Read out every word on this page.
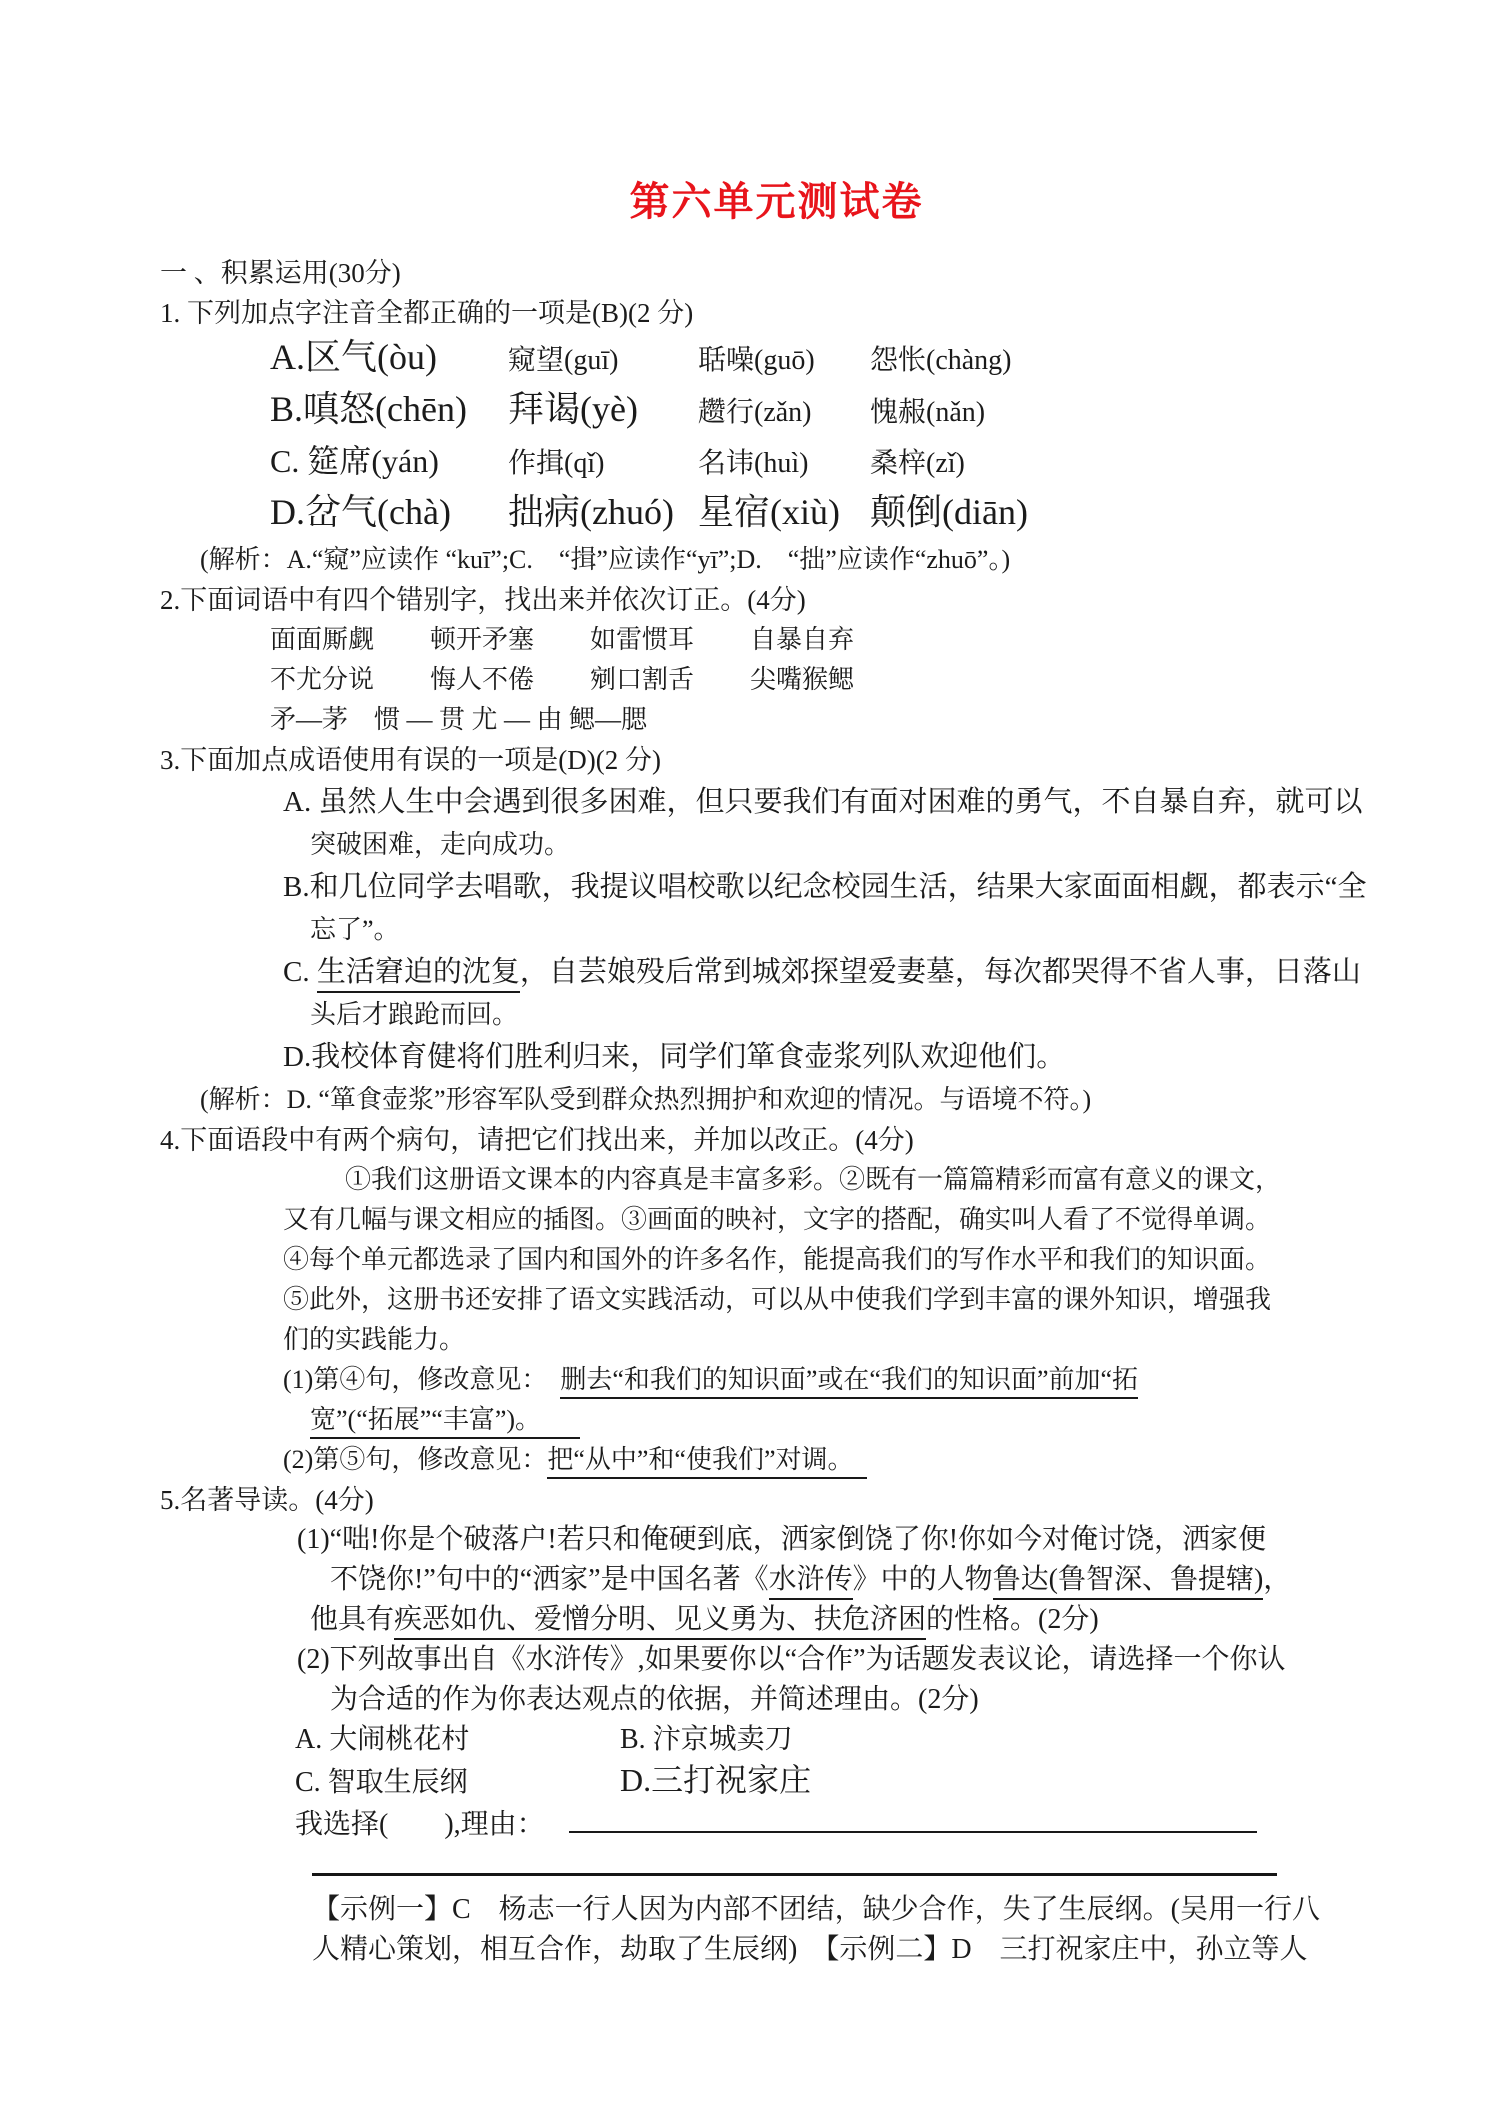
第六单元测试卷
一 、积累运用(30分)
1. 下列加点字注音全都正确的一项是(B)(2 分)
A.区气(òu)	窥望(guī)	聒噪(guō) 怨怅(chàng)
B.嗔怒(chēn) 拜谒(yè) 趱行(zǎn) 愧赧(nǎn)
C. 筵席(yán) 作揖(qǐ)	名讳(huì) 桑梓(zǐ)
D.岔气(chà) 拙病(zhuó) 星宿(xiù) 颠倒(diān)
(解析：A.“窥”应读作 “kuī”;C.　“揖”应读作“yī”;D.　“拙”应读作“zhuō”。)
2.下面词语中有四个错别字，找出来并依次订正。(4分)
面面厮觑 顿开矛塞 如雷惯耳 自暴自弃
不尤分说 悔人不倦 剜口割舌 尖嘴猴鳃
矛—茅　惯 — 贯 尤 — 由 鳃—腮
3.下面加点成语使用有误的一项是(D)(2 分)
A. 虽然人生中会遇到很多困难，但只要我们有面对困难的勇气，不自暴自弃，就可以
突破困难，走向成功。
B.和几位同学去唱歌，我提议唱校歌以纪念校园生活，结果大家面面相觑，都表示“全
忘了”。
C. 生活窘迫的沈复，自芸娘殁后常到城郊探望爱妻墓，每次都哭得不省人事，日落山
头后才踉跄而回。
D.我校体育健将们胜利归来，同学们箪食壶浆列队欢迎他们。
(解析：D. “箪食壶浆”形容军队受到群众热烈拥护和欢迎的情况。与语境不符。)
4.下面语段中有两个病句，请把它们找出来，并加以改正。(4分)
①我们这册语文课本的内容真是丰富多彩。②既有一篇篇精彩而富有意义的课文，
又有几幅与课文相应的插图。③画面的映衬，文字的搭配，确实叫人看了不觉得单调。
④每个单元都选录了国内和国外的许多名作，能提高我们的写作水平和我们的知识面。
⑤此外，这册书还安排了语文实践活动，可以从中使我们学到丰富的课外知识，增强我
们的实践能力。
(1)第④句，修改意见：　删去“和我们的知识面”或在“我们的知识面”前加“拓
宽”(“拓展”“丰富”)。　　
(2)第⑤句，修改意见：把“从中”和“使我们”对调。　
5.名著导读。(4分)
(1)“咄!你是个破落户!若只和俺硬到底，洒家倒饶了你!你如今对俺讨饶，洒家便
不饶你!”句中的“洒家”是中国名著《水浒传》中的人物鲁达(鲁智深、鲁提辖)，
他具有疾恶如仇、爱憎分明、见义勇为、扶危济困的性格。(2分)
(2)下列故事出自《水浒传》,如果要你以“合作”为话题发表议论，请选择一个你认
为合适的作为你表达观点的依据，并简述理由。(2分)
A. 大闹桃花村	B. 汴京城卖刀
C. 智取生辰纲	D.三打祝家庄
我选择(　　),理由：
【示例一】C　杨志一行人因为内部不团结，缺少合作，失了生辰纲。(吴用一行八
人精心策划，相互合作，劫取了生辰纲)　【示例二】D　三打祝家庄中，孙立等人
